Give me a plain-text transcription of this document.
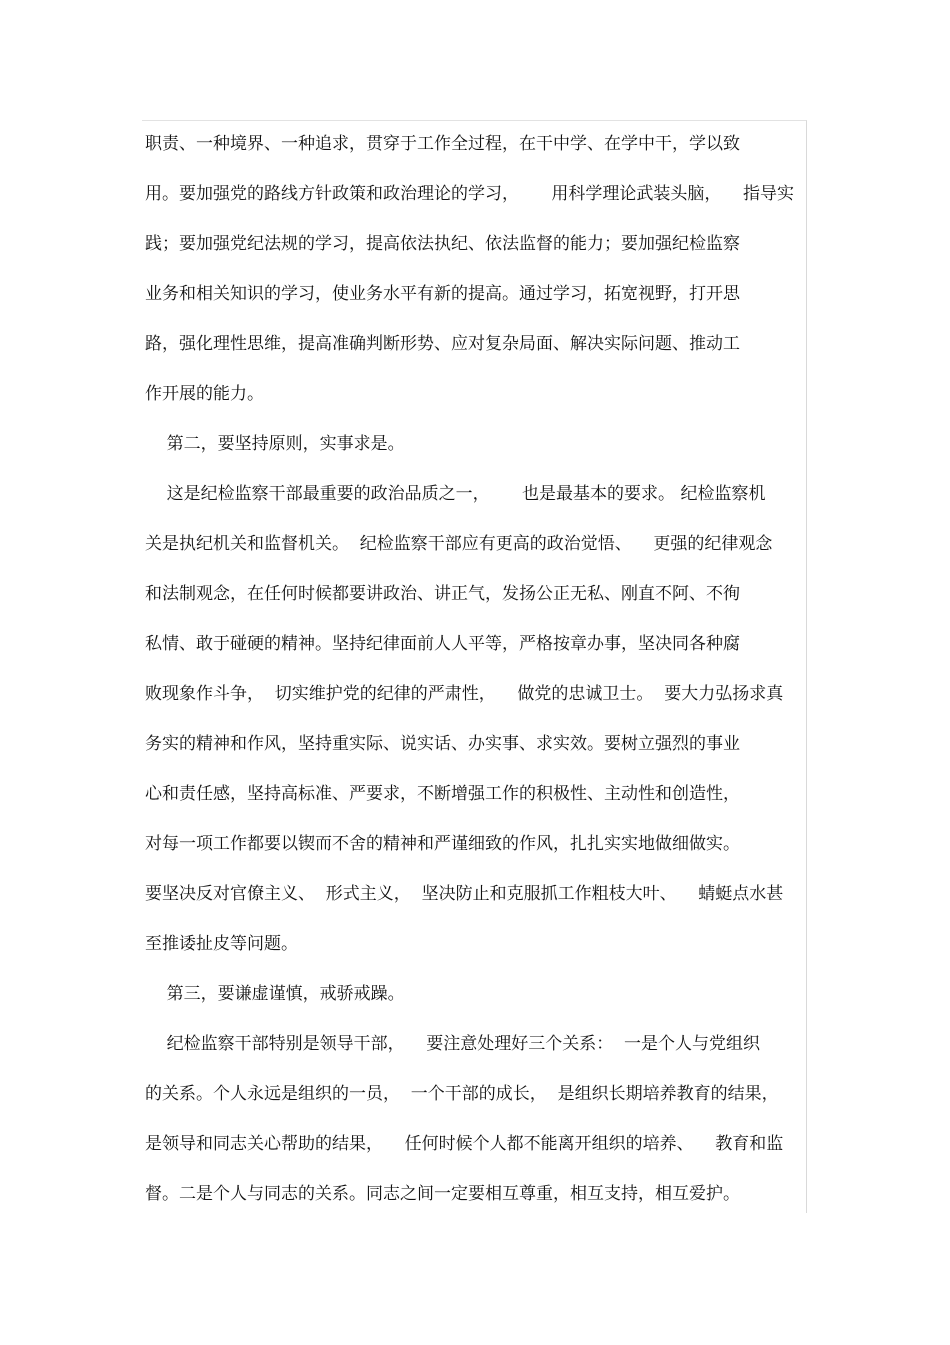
职责、一种境界、一种追求，贯穿于工作全过程，在干中学、在学中干，学以致
用。要加强党的路线方针政策和政治理论的学习，      用科学理论武装头脑，    指导实
践；要加强党纪法规的学习，提高依法执纪、依法监督的能力；要加强纪检监察
业务和相关知识的学习，使业务水平有新的提高。通过学习，拓宽视野，打开思
路，强化理性思维，提高准确判断形势、应对复杂局面、解决实际问题、推动工
作开展的能力。
第二，要坚持原则，实事求是。
这是纪检监察干部最重要的政治品质之一，      也是最基本的要求。 纪检监察机
关是执纪机关和监督机关。  纪检监察干部应有更高的政治觉悟、    更强的纪律观念
和法制观念，在任何时候都要讲政治、讲正气，发扬公正无私、刚直不阿、不徇
私情、敢于碰硬的精神。坚持纪律面前人人平等，严格按章办事，坚决同各种腐
败现象作斗争，  切实维护党的纪律的严肃性，    做党的忠诚卫士。  要大力弘扬求真
务实的精神和作风，坚持重实际、说实话、办实事、求实效。要树立强烈的事业
心和责任感，坚持高标准、严要求，不断增强工作的积极性、主动性和创造性，
对每一项工作都要以锲而不舍的精神和严谨细致的作风，扎扎实实地做细做实。
要坚决反对官僚主义、  形式主义，  坚决防止和克服抓工作粗枝大叶、    蜻蜓点水甚
至推诿扯皮等问题。
第三，要谦虚谨慎，戒骄戒躁。
纪检监察干部特别是领导干部，    要注意处理好三个关系：  一是个人与党组织
的关系。个人永远是组织的一员，  一个干部的成长，  是组织长期培养教育的结果，
是领导和同志关心帮助的结果，    任何时候个人都不能离开组织的培养、    教育和监
督。二是个人与同志的关系。同志之间一定要相互尊重，相互支持，相互爱护。
